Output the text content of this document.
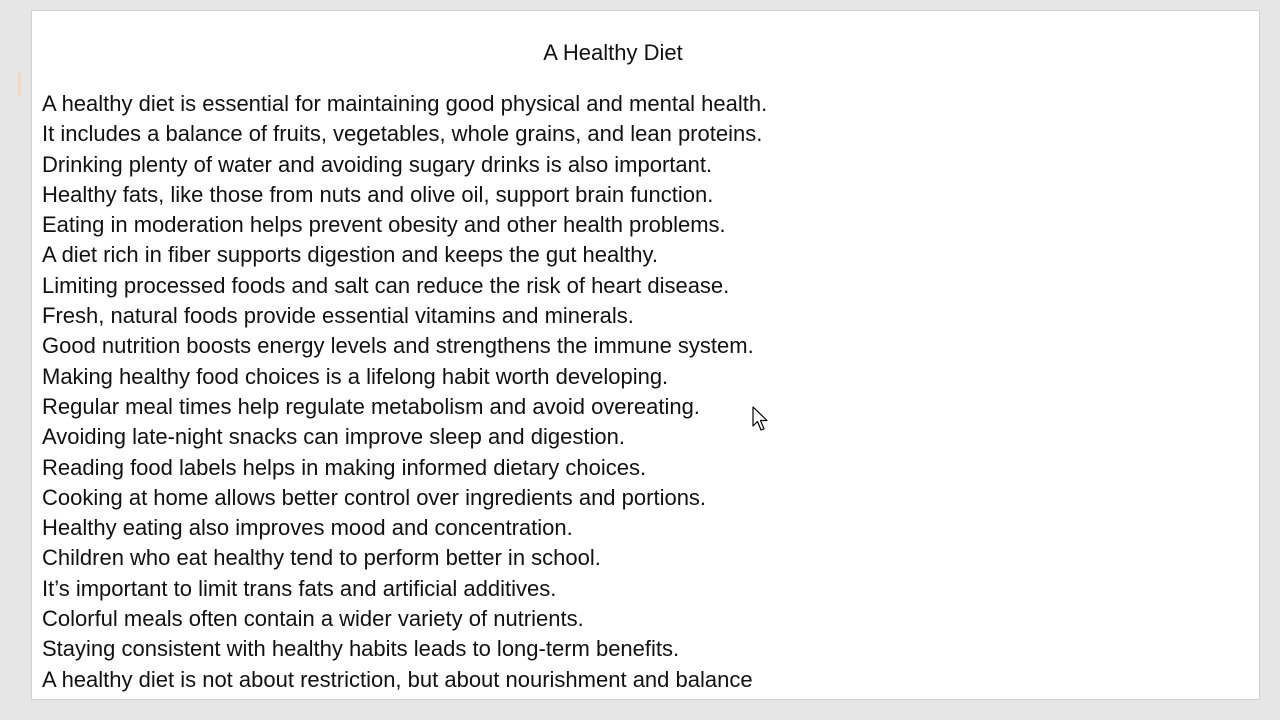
A Healthy Diet
A healthy diet is essential for maintaining good physical and mental health.
It includes a balance of fruits, vegetables, whole grains, and lean proteins.
Drinking plenty of water and avoiding sugary drinks is also important.
Healthy fats, like those from nuts and olive oil, support brain function.
Eating in moderation helps prevent obesity and other health problems.
A diet rich in fiber supports digestion and keeps the gut healthy.
Limiting processed foods and salt can reduce the risk of heart disease.
Fresh, natural foods provide essential vitamins and minerals.
Good nutrition boosts energy levels and strengthens the immune system.
Making healthy food choices is a lifelong habit worth developing.
Regular meal times help regulate metabolism and avoid overeating.
Avoiding late-night snacks can improve sleep and digestion.
Reading food labels helps in making informed dietary choices.
Cooking at home allows better control over ingredients and portions.
Healthy eating also improves mood and concentration.
Children who eat healthy tend to perform better in school.
It’s important to limit trans fats and artificial additives.
Colorful meals often contain a wider variety of nutrients.
Staying consistent with healthy habits leads to long-term benefits.
A healthy diet is not about restriction, but about nourishment and balance
